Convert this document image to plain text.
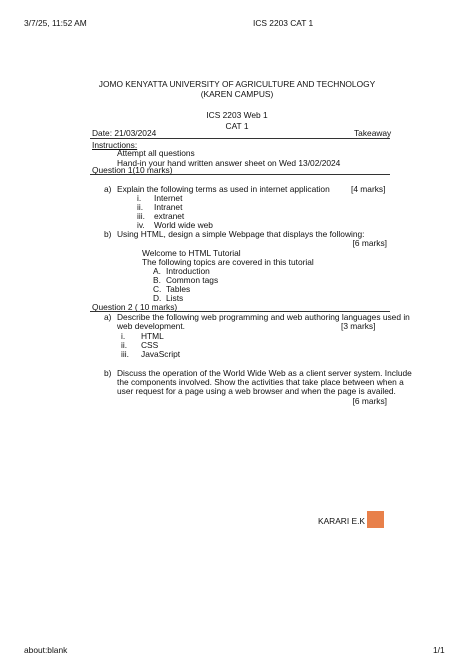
3/7/25, 11:52 AM	ICS 2203 CAT 1
about:blank	1/1
JOMO KENYATTA UNIVERSITY OF AGRICULTURE AND TECHNOLOGY
(KAREN CAMPUS)
ICS 2203 Web 1
CAT 1
Date: 21/03/2024	Takeaway
Instructions:
Attempt all questions
Hand-in your hand written answer sheet on Wed 13/02/2024
Question 1(10 marks)
a) Explain the following terms as used in internet application	[4 marks]
i. Internet
ii. Intranet
iii. extranet
iv. World wide web
b) Using HTML, design a simple Webpage that displays the following:
[6 marks]
Welcome to HTML Tutorial
The following topics are covered in this tutorial
A. Introduction
B. Common tags
C. Tables
D. Lists
Question 2 ( 10 marks)
a) Describe the following web programming and web authoring languages used in
web development.	[3 marks]
i. HTML
ii. CSS
iii. JavaScript
b) Discuss the operation of the World Wide Web as a client server system. Include
the components involved. Show the activities that take place between when a
user request for a page using a web browser and when the page is availed.
[6 marks]
KARARI E.K
